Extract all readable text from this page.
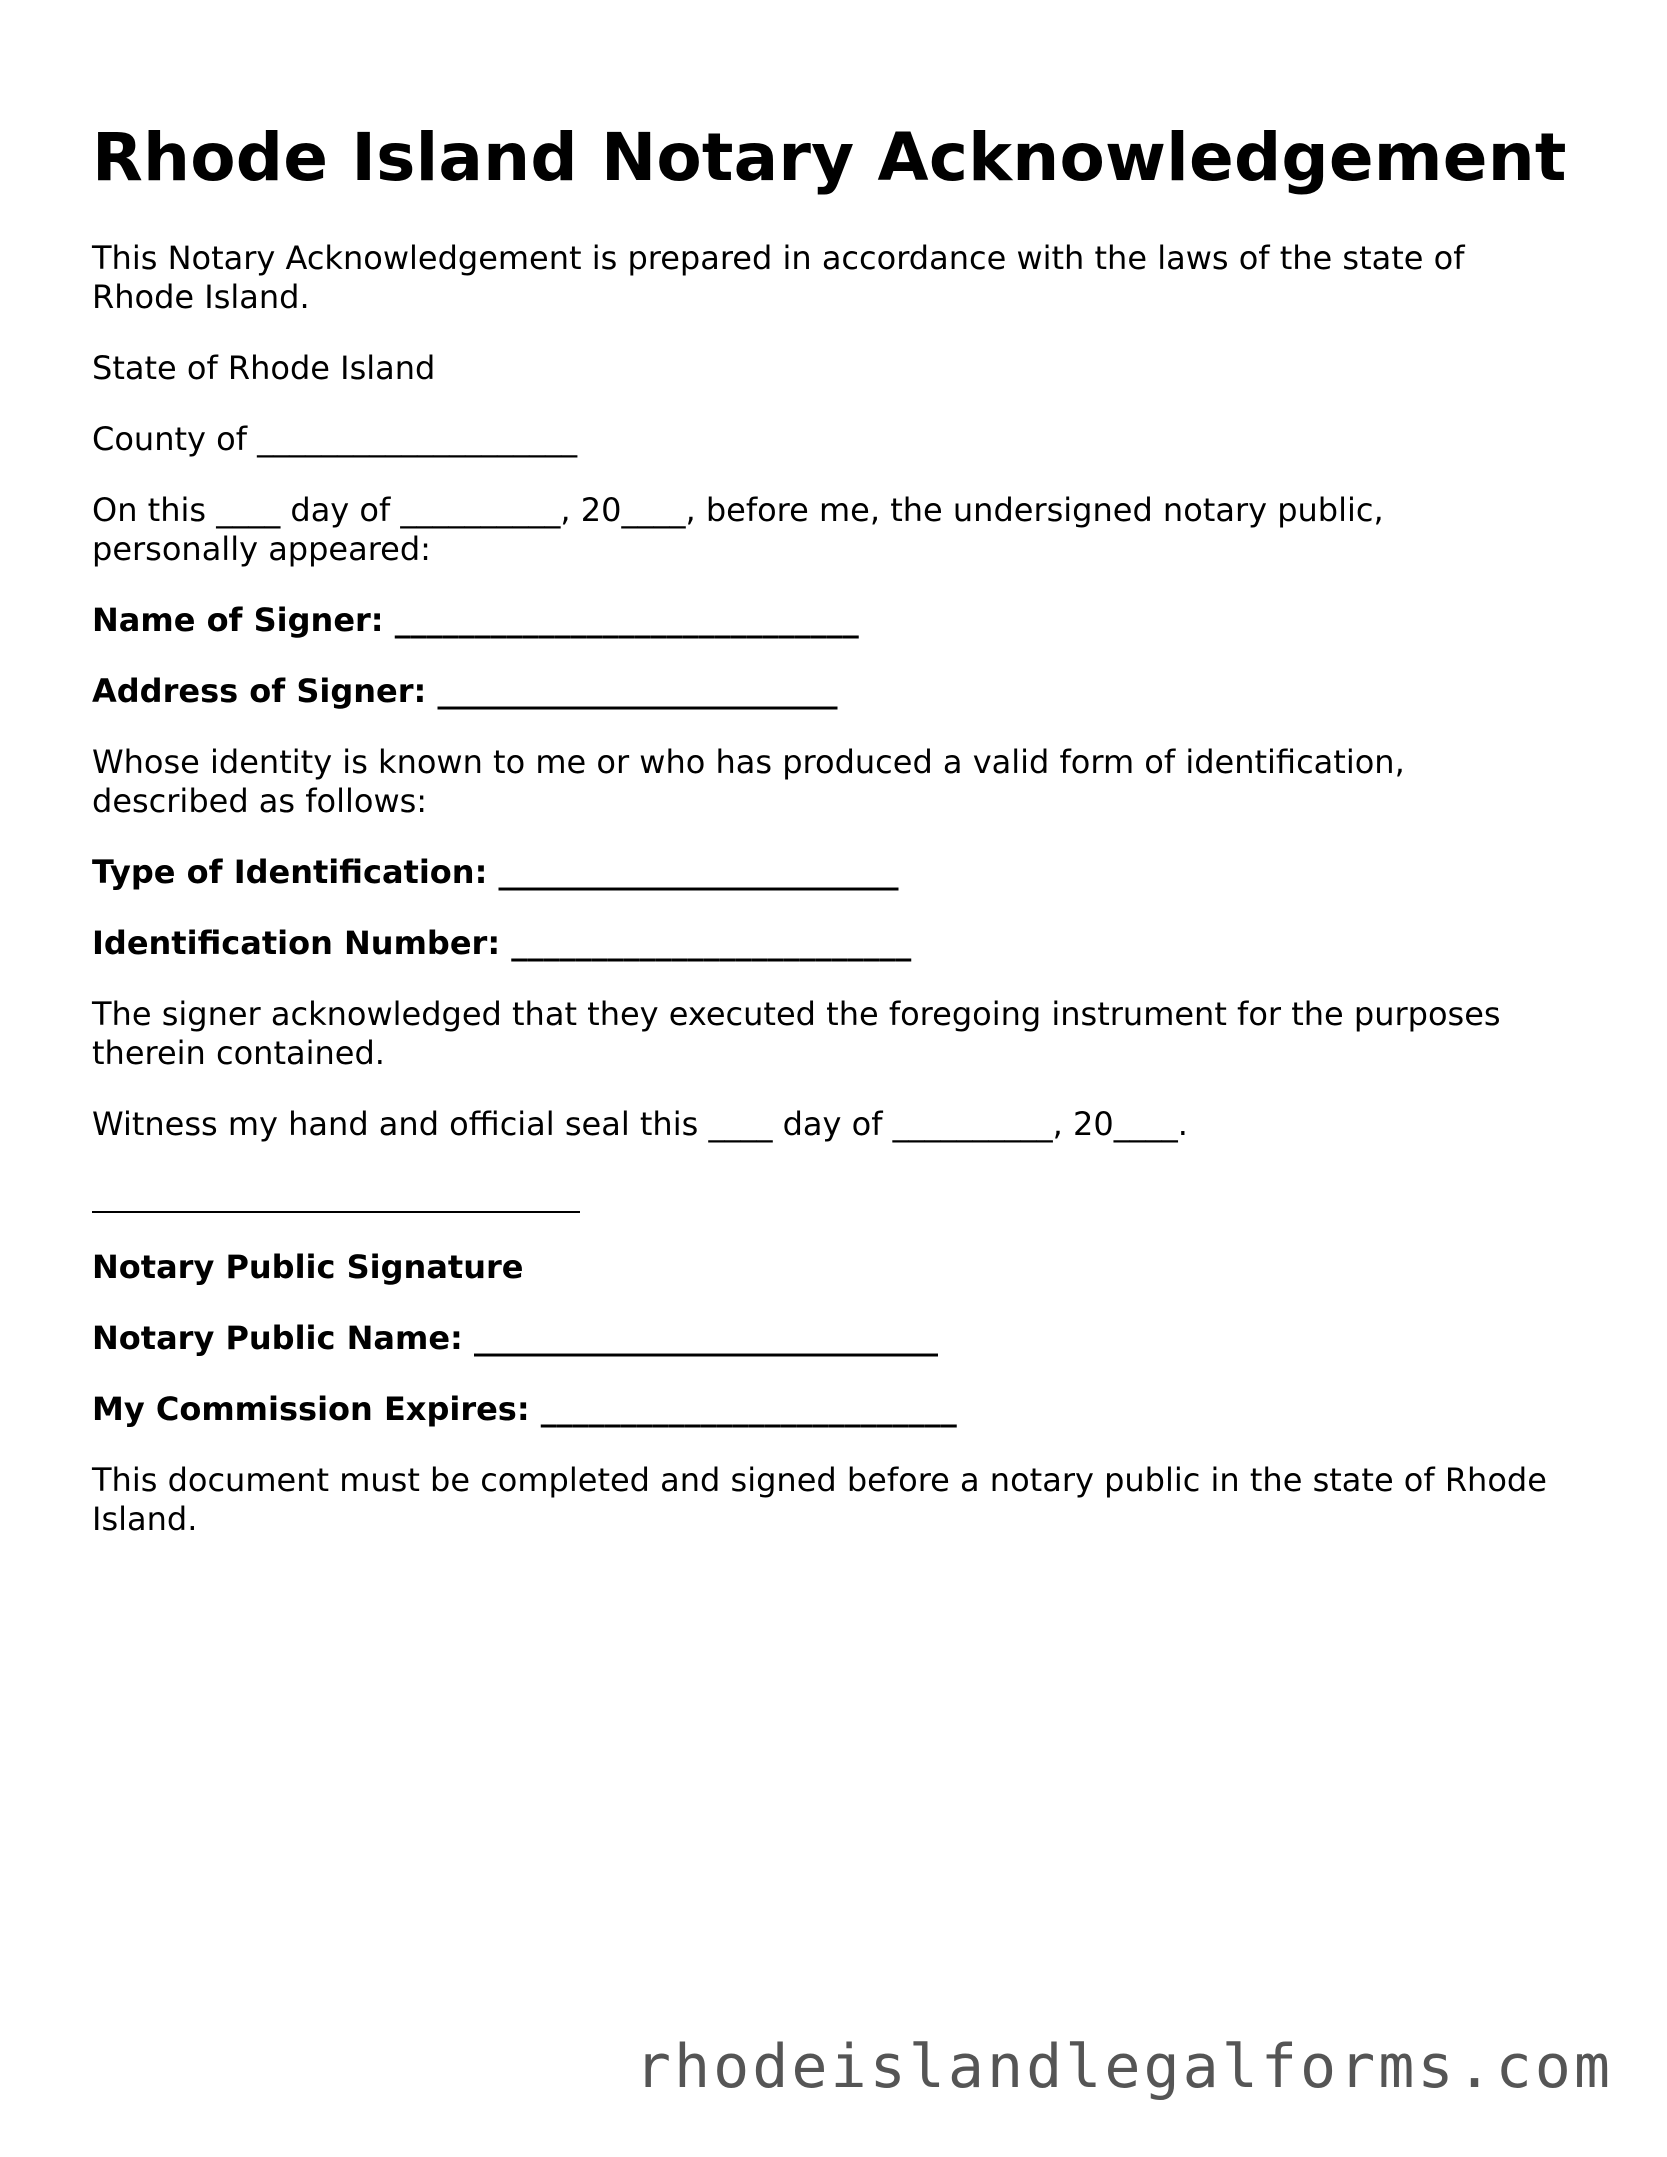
Rhode Island Notary Acknowledgement
This Notary Acknowledgement is prepared in accordance with the laws of the state of
Rhode Island.
State of Rhode Island
County of ____________________
On this ____ day of __________, 20____, before me, the undersigned notary public,
personally appeared:
Name of Signer: _____________________________
Address of Signer: _________________________
Whose identity is known to me or who has produced a valid form of identification,
described as follows:
Type of Identification: _________________________
Identification Number: _________________________
The signer acknowledged that they executed the foregoing instrument for the purposes
therein contained.
Witness my hand and official seal this ____ day of __________, 20____.
Notary Public Signature
Notary Public Name: _____________________________
My Commission Expires: __________________________
This document must be completed and signed before a notary public in the state of Rhode
Island.
rhodeislandlegalforms.com
